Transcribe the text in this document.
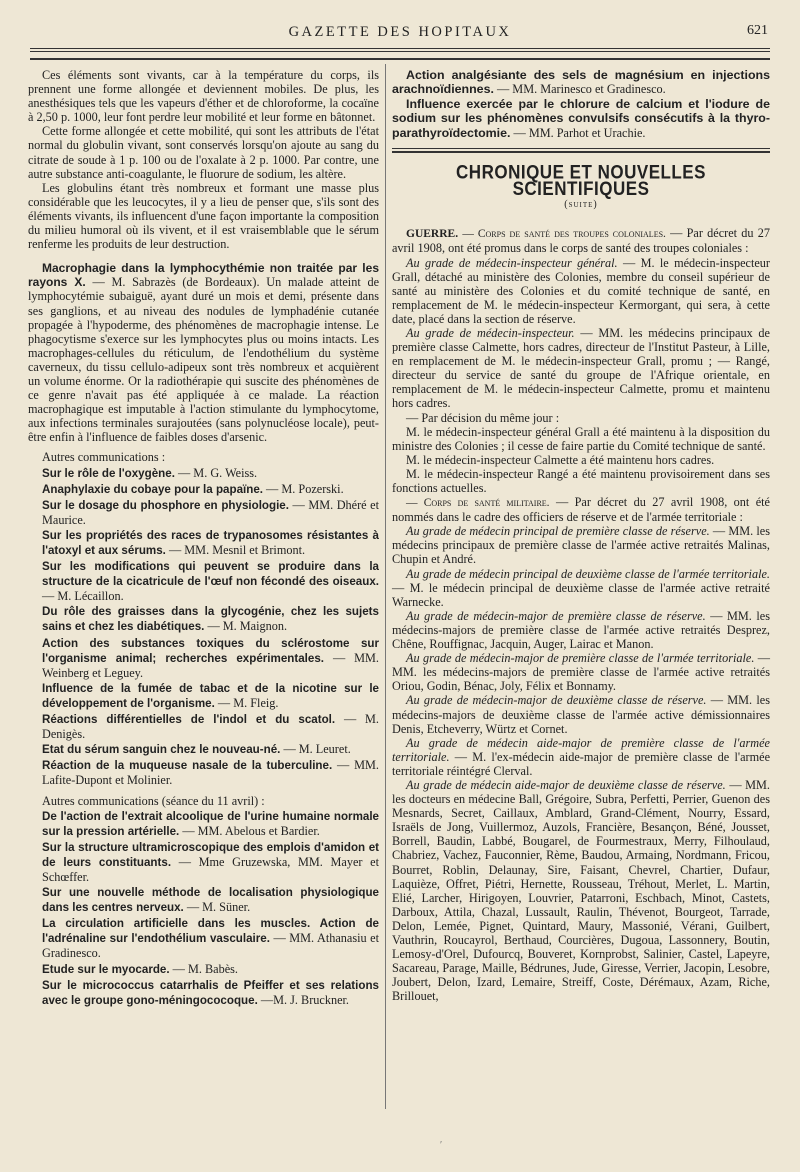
GAZETTE DES HOPITAUX	621

Ces éléments sont vivants, car à la température du corps, ils prennent une forme allongée et deviennent mobiles. De plus, les anesthésiques tels que les vapeurs d'éther et de chloroforme, la cocaïne à 2,50 p. 1000, leur font perdre leur mobilité et leur forme en bâtonnet.

Cette forme allongée et cette mobilité, qui sont les attributs de l'état normal du globulin vivant, sont conservés lorsqu'on ajoute au sang du citrate de soude à 1 p. 100 ou de l'oxalate à 2 p. 1000. Par contre, une autre substance anti-coagulante, le fluorure de sodium, les altère.

Les globulins étant très nombreux et formant une masse plus considérable que les leucocytes, il y a lieu de penser que, s'ils sont des éléments vivants, ils influencent d'une façon importante la composition du milieu humoral où ils vivent, et il est vraisemblable que le sérum renferme les produits de leur destruction.

Macrophagie dans la lymphocythémie non traitée par les rayons X. — M. Sabrazès (de Bordeaux). Un malade atteint de lymphocytémie subaiguë, ayant duré un mois et demi, présente dans ses ganglions, et au niveau des nodules de lymphadénie cutanée propagée à l'hypoderme, des phénomènes de macrophagie intense. Le phagocytisme s'exerce sur les lymphocytes plus ou moins intacts. Les macrophages-cellules du réticulum, de l'endothélium du système caverneux, du tissu cellulo-adipeux sont très nombreux et acquièrent un volume énorme. Or la radiothérapie qui suscite des phénomènes de ce genre n'avait pas été appliquée à ce malade. La réaction macrophagique est imputable à l'action stimulante du lymphocytome, aux infections terminales surajoutées (sans polynucléose locale), peut-être enfin à l'influence de faibles doses d'arsenic.

Autres communications :

Sur le rôle de l'oxygène. — M. G. Weiss.

Anaphylaxie du cobaye pour la papaïne. — M. Pozerski.

Sur le dosage du phosphore en physiologie. — MM. Dhéré et Maurice.

Sur les propriétés des races de trypanosomes résistantes à l'atoxyl et aux sérums. — MM. Mesnil et Brimont.

Sur les modifications qui peuvent se produire dans la structure de la cicatricule de l'œuf non fécondé des oiseaux. — M. Lécaillon.

Du rôle des graisses dans la glycogénie, chez les sujets sains et chez les diabétiques. — M. Maignon.

Action des substances toxiques du sclérostome sur l'organisme animal; recherches expérimentales. — MM. Weinberg et Leguey.

Influence de la fumée de tabac et de la nicotine sur le développement de l'organisme. — M. Fleig.

Réactions différentielles de l'indol et du scatol. — M. Denigès.

Etat du sérum sanguin chez le nouveau-né. — M. Leuret.

Réaction de la muqueuse nasale de la tuberculine. — MM. Lafite-Dupont et Molinier.

Autres communications (séance du 11 avril) :

De l'action de l'extrait alcoolique de l'urine humaine normale sur la pression artérielle. — MM. Abelous et Bardier.

Sur la structure ultramicroscopique des emplois d'amidon et de leurs constituants. — Mme Gruzewska, MM. Mayer et Schœffer.

Sur une nouvelle méthode de localisation physiologique dans les centres nerveux. — M. Süner.

La circulation artificielle dans les muscles. Action de l'adrénaline sur l'endothélium vasculaire. — MM. Athanasiu et Gradinesco.

Etude sur le myocarde. — M. Babès.

Sur le micrococcus catarrhalis de Pfeiffer et ses relations avec le groupe gono-méningococoque. —M. J. Bruckner.

Action analgésiante des sels de magnésium en injections arachnoïdiennes. — MM. Marinesco et Gradinesco.

Influence exercée par le chlorure de calcium et l'iodure de sodium sur les phénomènes convulsifs consécutifs à la thyro-parathyroïdectomie. — MM. Parhot et Urachie.

CHRONIQUE ET NOUVELLES SCIENTIFIQUES
(suite)

GUERRE. — Corps de santé des troupes coloniales. — Par décret du 27 avril 1908, ont été promus dans le corps de santé des troupes coloniales :

Au grade de médecin-inspecteur général. — M. le médecin-inspecteur Grall, détaché au ministère des Colonies, membre du conseil supérieur de santé au ministère des Colonies et du comité technique de santé, en remplacement de M. le médecin-inspecteur Kermorgant, qui sera, à cette date, placé dans la section de réserve.

Au grade de médecin-inspecteur. — MM. les médecins principaux de première classe Calmette, hors cadres, directeur de l'Institut Pasteur, à Lille, en remplacement de M. le médecin-inspecteur Grall, promu ; — Rangé, directeur du service de santé du groupe de l'Afrique orientale, en remplacement de M. le médecin-inspecteur Calmette, promu et maintenu hors cadres.

— Par décision du même jour :

M. le médecin-inspecteur général Grall a été maintenu à la disposition du ministre des Colonies ; il cesse de faire partie du Comité technique de santé.

M. le médecin-inspecteur Calmette a été maintenu hors cadres.

M. le médecin-inspecteur Rangé a été maintenu provisoirement dans ses fonctions actuelles.

— Corps de santé militaire. — Par décret du 27 avril 1908, ont été nommés dans le cadre des officiers de réserve et de l'armée territoriale :

Au grade de médecin principal de première classe de réserve. — MM. les médecins principaux de première classe de l'armée active retraités Malinas, Chupin et André.

Au grade de médecin principal de deuxième classe de l'armée territoriale. — M. le médecin principal de deuxième classe de l'armée active retraité Warnecke.

Au grade de médecin-major de première classe de réserve. — MM. les médecins-majors de première classe de l'armée active retraités Desprez, Chêne, Rouffignac, Jacquin, Auger, Lairac et Manon.

Au grade de médecin-major de première classe de l'armée territoriale. — MM. les médecins-majors de première classe de l'armée active retraités Oriou, Godin, Bénac, Joly, Félix et Bonnamy.

Au grade de médecin-major de deuxième classe de réserve. — MM. les médecins-majors de deuxième classe de l'armée active démissionnaires Denis, Etcheverry, Würtz et Cornet.

Au grade de médecin aide-major de première classe de l'armée territoriale. — M. l'ex-médecin aide-major de première classe de l'armée territoriale réintégré Clerval.

Au grade de médecin aide-major de deuxième classe de réserve. — MM. les docteurs en médecine Ball, Grégoire, Subra, Perfetti, Perrier, Guenon des Mesnards, Secret, Caillaux, Amblard, Grand-Clément, Nourry, Essard, Israëls de Jong, Vuillermoz, Auzols, Francière, Besançon, Béné, Jousset, Borrell, Baudin, Labbé, Bougarel, de Fourmestraux, Merry, Filhoulaud, Chabriez, Vachez, Fauconnier, Rème, Baudou, Armaing, Nordmann, Fricou, Bourret, Roblin, Delaunay, Sire, Faisant, Chevrel, Chartier, Dufaur, Laquièze, Offret, Piétri, Hernette, Rousseau, Tréhout, Merlet, L. Martin, Elié, Larcher, Hirigoyen, Louvrier, Patarroni, Eschbach, Minot, Castets, Darboux, Attila, Chazal, Lussault, Raulin, Thévenot, Bourgeot, Tarrade, Delon, Lemée, Pignet, Quintard, Maury, Massonié, Vérani, Guilbert, Vauthrin, Roucayrol, Berthaud, Courcières, Dugoua, Lassonnery, Boutin, Lemosy-d'Orel, Dufourcq, Bouveret, Kornprobst, Salinier, Castel, Lapeyre, Sacareau, Parage, Maille, Bédrunes, Jude, Giresse, Verrier, Jacopin, Lesobre, Joubert, Delon, Izard, Lemaire, Streiff, Coste, Dérémaux, Azam, Riche, Brillouet,

ʹ
